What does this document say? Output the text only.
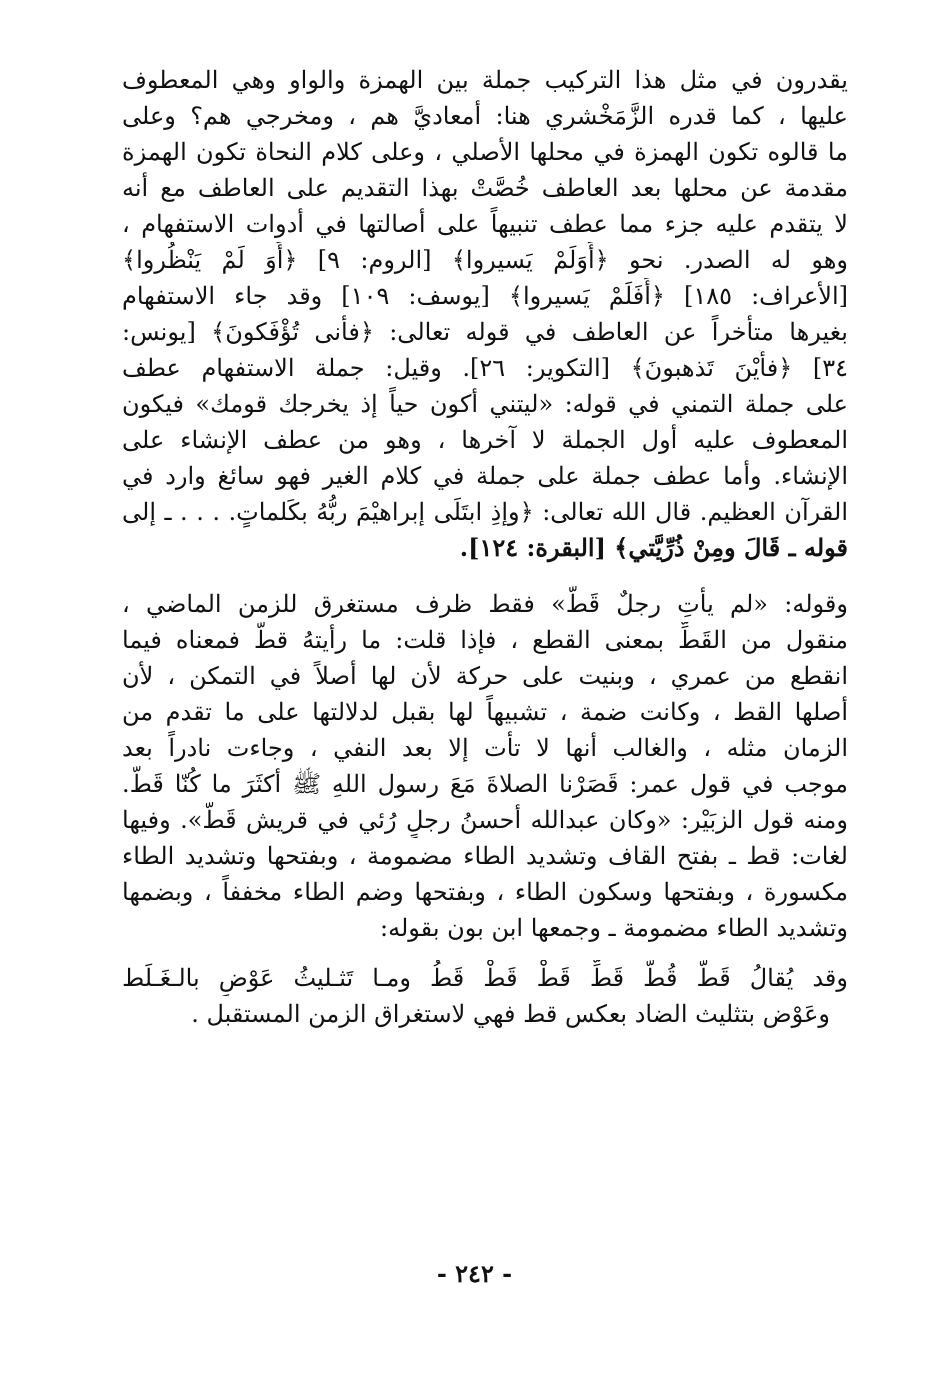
يقدرون في مثل هذا التركيب جملة بين الهمزة والواو وهي المعطوف
عليها ، كما قدره الزَّمَخْشري هنا: أمعاديَّ هم ، ومخرجي هم؟ وعلى
ما قالوه تكون الهمزة في محلها الأصلي ، وعلى كلام النحاة تكون الهمزة
مقدمة عن محلها بعد العاطف خُصَّتْ بهذا التقديم على العاطف مع أنه
لا يتقدم عليه جزء مما عطف تنبيهاً على أصالتها في أدوات الاستفهام ،
وهو له الصدر. نحو ﴿أَوَلَمْ يَسيروا﴾ [الروم: ٩] ﴿أَوَ لَمْ يَنْظُروا﴾
[الأعراف: ١٨٥] ﴿أَفَلَمْ يَسيروا﴾ [يوسف: ١٠٩] وقد جاء الاستفهام
بغيرها متأخراً عن العاطف في قوله تعالى: ﴿فأنى تُؤْفَكونَ﴾ [يونس:
٣٤] ﴿فأَيْنَ تَذهبونَ﴾ [التكوير: ٢٦]. وقيل: جملة الاستفهام عطف
على جملة التمني في قوله: «ليتني أكون حياً إذ يخرجك قومك» فيكون
المعطوف عليه أول الجملة لا آخرها ، وهو من عطف الإنشاء على
الإنشاء. وأما عطف جملة على جملة في كلام الغير فهو سائغ وارد في
القرآن العظيم. قال الله تعالى: ﴿وإذِ ابتَلَى إبراهيْمَ ربُّهُ بكَلماتٍ. . . . ـ إلى
قوله ـ قَالَ ومِنْ ذُرِّيَّتي﴾ [البقرة: ١٢٤].
وقوله: «لم يأتِ رجلٌ قَطُّ» فقط ظرف مستغرق للزمن الماضي ،
منقول من القَطِّ بمعنى القطع ، فإذا قلت: ما رأيتهُ قطُّ فمعناه فيما
انقطع من عمري ، وبنيت على حركة لأن لها أصلاً في التمكن ، لأن
أصلها القط ، وكانت ضمة ، تشبيهاً لها بقبل لدلالتها على ما تقدم من
الزمان مثله ، والغالب أنها لا تأت إلا بعد النفي ، وجاءت نادراً بعد
موجب في قول عمر: قَصَرْنا الصلاةَ مَعَ رسول اللهِ ﷺ أكثَرَ ما كُنّا قَطُّ.
ومنه قول الزبَيْر: «وكان عبدالله أحسنُ رجلٍ رُئي في قريش قَطُّ». وفيها
لغات: قط ـ بفتح القاف وتشديد الطاء مضمومة ، وبفتحها وتشديد الطاء
مكسورة ، وبفتحها وسكون الطاء ، وبفتحها وضم الطاء مخففاً ، وبضمها
وتشديد الطاء مضمومة ـ وجمعها ابن بون بقوله:
وقد يُقالُ قَطُّ قُطُّ قَطِّ قَطْ قَطْ قَطُ ومـا تَثـليثُ عَوْضٍ بالـغَـلَط
وعَوْض بتثليث الضاد بعكس قط فهي لاستغراق الزمن المستقبل .
- ٢٤٢ -
